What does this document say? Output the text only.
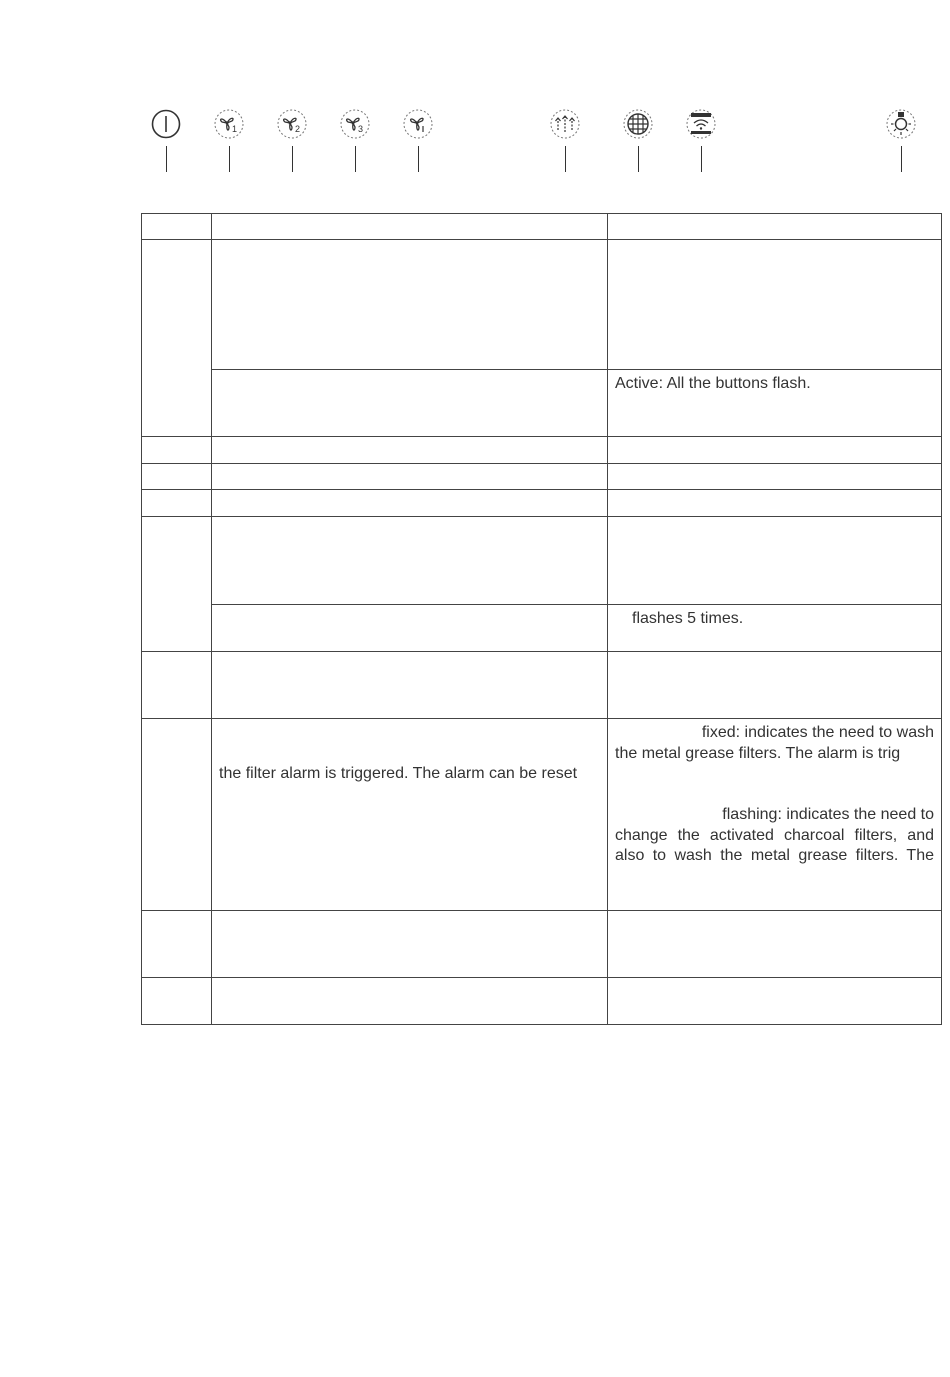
1	2	3

		Active: All the buttons flash.

		flashes 5 times.

	the filter alarm is triggered. The alarm can be reset	fixed: indicates the need to wash
the metal grease filters. The alarm is trig
flashing: indicates the need to
change the activated charcoal filters, and
also to wash the metal grease filters. The
